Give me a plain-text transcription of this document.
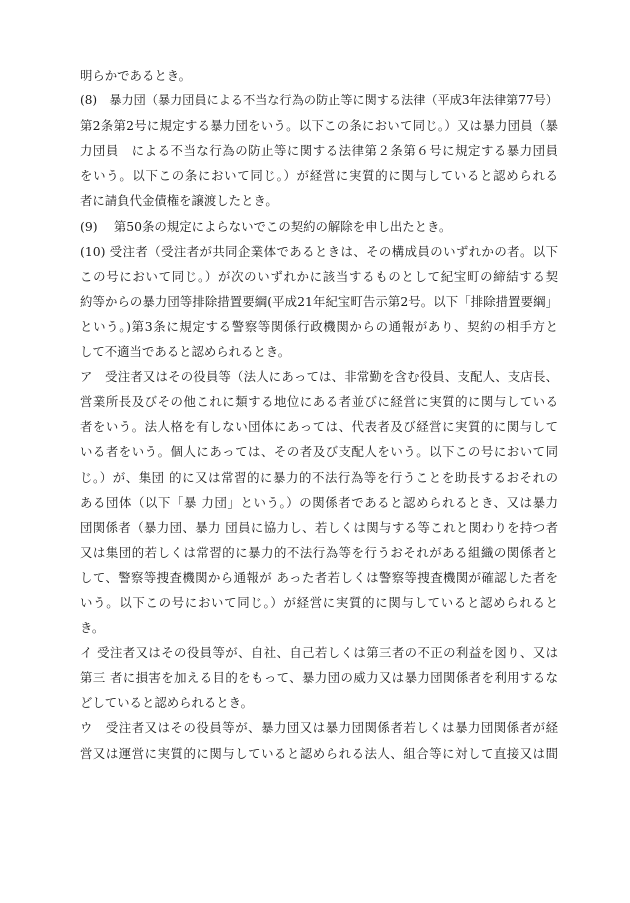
明らかであるとき。
(8)　暴力団（暴力団員による不当な行為の防止等に関する法律（平成3年法律第77号）
第2条第2号に規定する暴力団をいう。以下この条において同じ。）又は暴力団員（暴
力団員　による不当な行為の防止等に関する法律第２条第６号に規定する暴力団員
をいう。以下この条において同じ。）が経営に実質的に関与していると認められる
者に請負代金債権を譲渡したとき。
(9)　 第50条の規定によらないでこの契約の解除を申し出たとき。
(10) 受注者（受注者が共同企業体であるときは、その構成員のいずれかの者。以下
この号において同じ。）が次のいずれかに該当するものとして紀宝町の締結する契
約等からの暴力団等排除措置要綱(平成21年紀宝町告示第2号。以下「排除措置要綱」
という。)第3条に規定する警察等関係行政機関からの通報があり、契約の相手方と
して不適当であると認められるとき。
ア　受注者又はその役員等（法人にあっては、非常勤を含む役員、支配人、支店長、
営業所長及びその他これに類する地位にある者並びに経営に実質的に関与している
者をいう。法人格を有しない団体にあっては、代表者及び経営に実質的に関与して
いる者をいう。個人にあっては、その者及び支配人をいう。以下この号において同
じ。）が、集団 的に又は常習的に暴力的不法行為等を行うことを助長するおそれの
ある団体（以下「暴 力団」という。）の関係者であると認められるとき、又は暴力
団関係者（暴力団、暴力 団員に協力し、若しくは関与する等これと関わりを持つ者
又は集団的若しくは常習的に暴力的不法行為等を行うおそれがある組織の関係者と
して、警察等捜査機関から通報が あった者若しくは警察等捜査機関が確認した者を
いう。以下この号において同じ。）が経営に実質的に関与していると認められると
き。
イ 受注者又はその役員等が、自社、自己若しくは第三者の不正の利益を図り、又は
第三 者に損害を加える目的をもって、暴力団の威力又は暴力団関係者を利用するな
どしていると認められるとき。
ウ　受注者又はその役員等が、暴力団又は暴力団関係者若しくは暴力団関係者が経
営又は運営に実質的に関与していると認められる法人、組合等に対して直接又は間
